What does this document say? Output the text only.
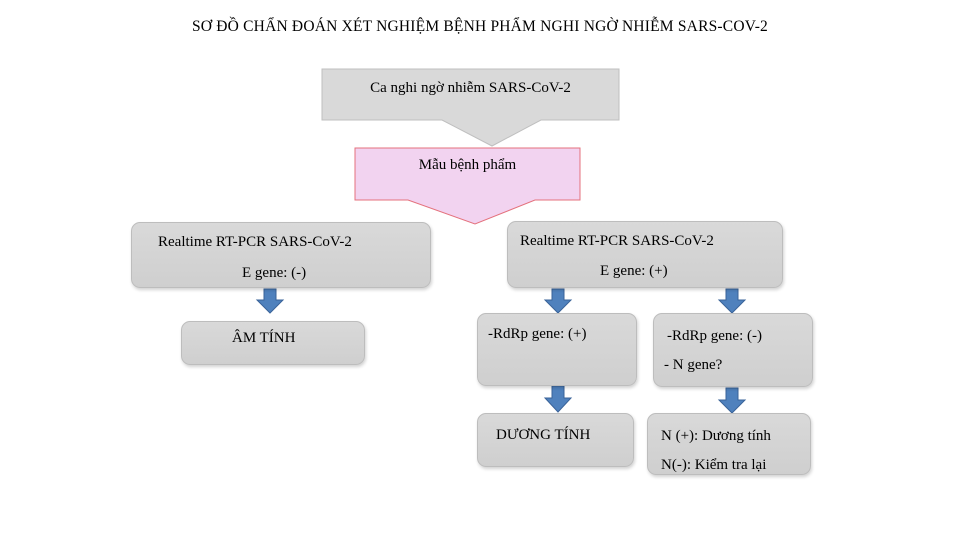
SƠ ĐỒ CHẨN ĐOÁN XÉT NGHIỆM BỆNH PHẨM NGHI NGỜ NHIỄM SARS-COV-2
Ca nghi ngờ nhiễm SARS-CoV-2
Mẫu bệnh phẩm
Realtime RT-PCR SARS-CoV-2
E gene: (-)
Realtime RT-PCR SARS-CoV-2
E gene: (+)
ÂM TÍNH	-RdRp gene: (+)	-RdRp gene: (-)
- N gene?
DƯƠNG TÍNH	N (+): Dương tính
N(-): Kiểm tra lại
